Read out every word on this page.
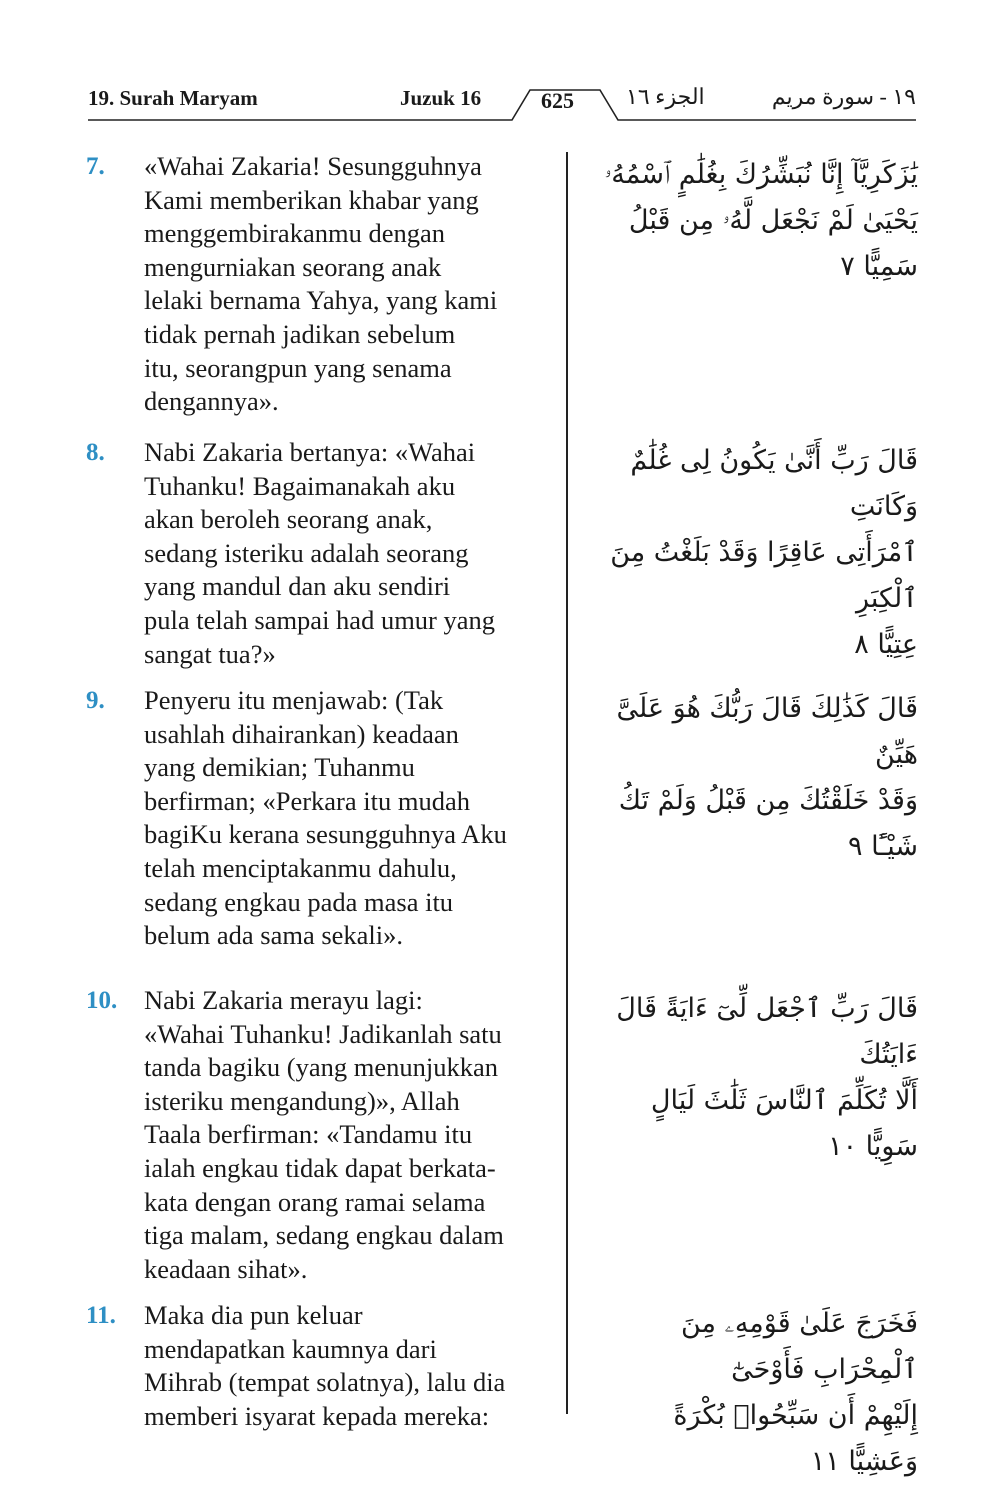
19. Surah Maryam	Juzuk 16	625 الجزء ١٦	١٩ - سورة مريم
7. «Wahai Zakaria! Sesungguhnya
Kami memberikan khabar yang
menggembirakanmu dengan
mengurniakan seorang anak
lelaki bernama Yahya, yang kami
tidak pernah jadikan sebelum
itu, seorangpun yang senama
dengannya».
يَٰزَكَرِيَّآ إِنَّا نُبَشِّرُكَ بِغُلَٰمٍ ٱسْمُهُۥ
يَحْيَىٰ لَمْ نَجْعَل لَّهُۥ مِن قَبْلُ سَمِيًّا ٧
8. Nabi Zakaria bertanya: «Wahai
Tuhanku! Bagaimanakah aku
akan beroleh seorang anak,
sedang isteriku adalah seorang
yang mandul dan aku sendiri
pula telah sampai had umur yang
sangat tua?»
قَالَ رَبِّ أَنَّىٰ يَكُونُ لِى غُلَٰمٌ وَكَانَتِ
ٱمْرَأَتِى عَاقِرًا وَقَدْ بَلَغْتُ مِنَ ٱلْكِبَرِ
عِتِيًّا ٨
9. Penyeru itu menjawab: (Tak
usahlah dihairankan) keadaan
yang demikian; Tuhanmu
berfirman; «Perkara itu mudah
bagiKu kerana sesungguhnya Aku
telah menciptakanmu dahulu,
sedang engkau pada masa itu
belum ada sama sekali».
قَالَ كَذَٰلِكَ قَالَ رَبُّكَ هُوَ عَلَىَّ هَيِّنٌ
وَقَدْ خَلَقْتُكَ مِن قَبْلُ وَلَمْ تَكُ شَيْـًٔا ٩
10. Nabi Zakaria merayu lagi:
«Wahai Tuhanku! Jadikanlah satu
tanda bagiku (yang menunjukkan
isteriku mengandung)», Allah
Taala berfirman: «Tandamu itu
ialah engkau tidak dapat berkata-
kata dengan orang ramai selama
tiga malam, sedang engkau dalam
keadaan sihat».
قَالَ رَبِّ ٱجْعَل لِّىٓ ءَايَةً قَالَ ءَايَتُكَ
أَلَّا تُكَلِّمَ ٱلنَّاسَ ثَلَٰثَ لَيَالٍ سَوِيًّا ١٠
11. Maka dia pun keluar
mendapatkan kaumnya dari
Mihrab (tempat solatnya), lalu dia
memberi isyarat kepada mereka:
فَخَرَجَ عَلَىٰ قَوْمِهِۦ مِنَ ٱلْمِحْرَابِ فَأَوْحَىٰٓ
إِلَيْهِمْ أَن سَبِّحُوا۟ بُكْرَةً وَعَشِيًّا ١١
